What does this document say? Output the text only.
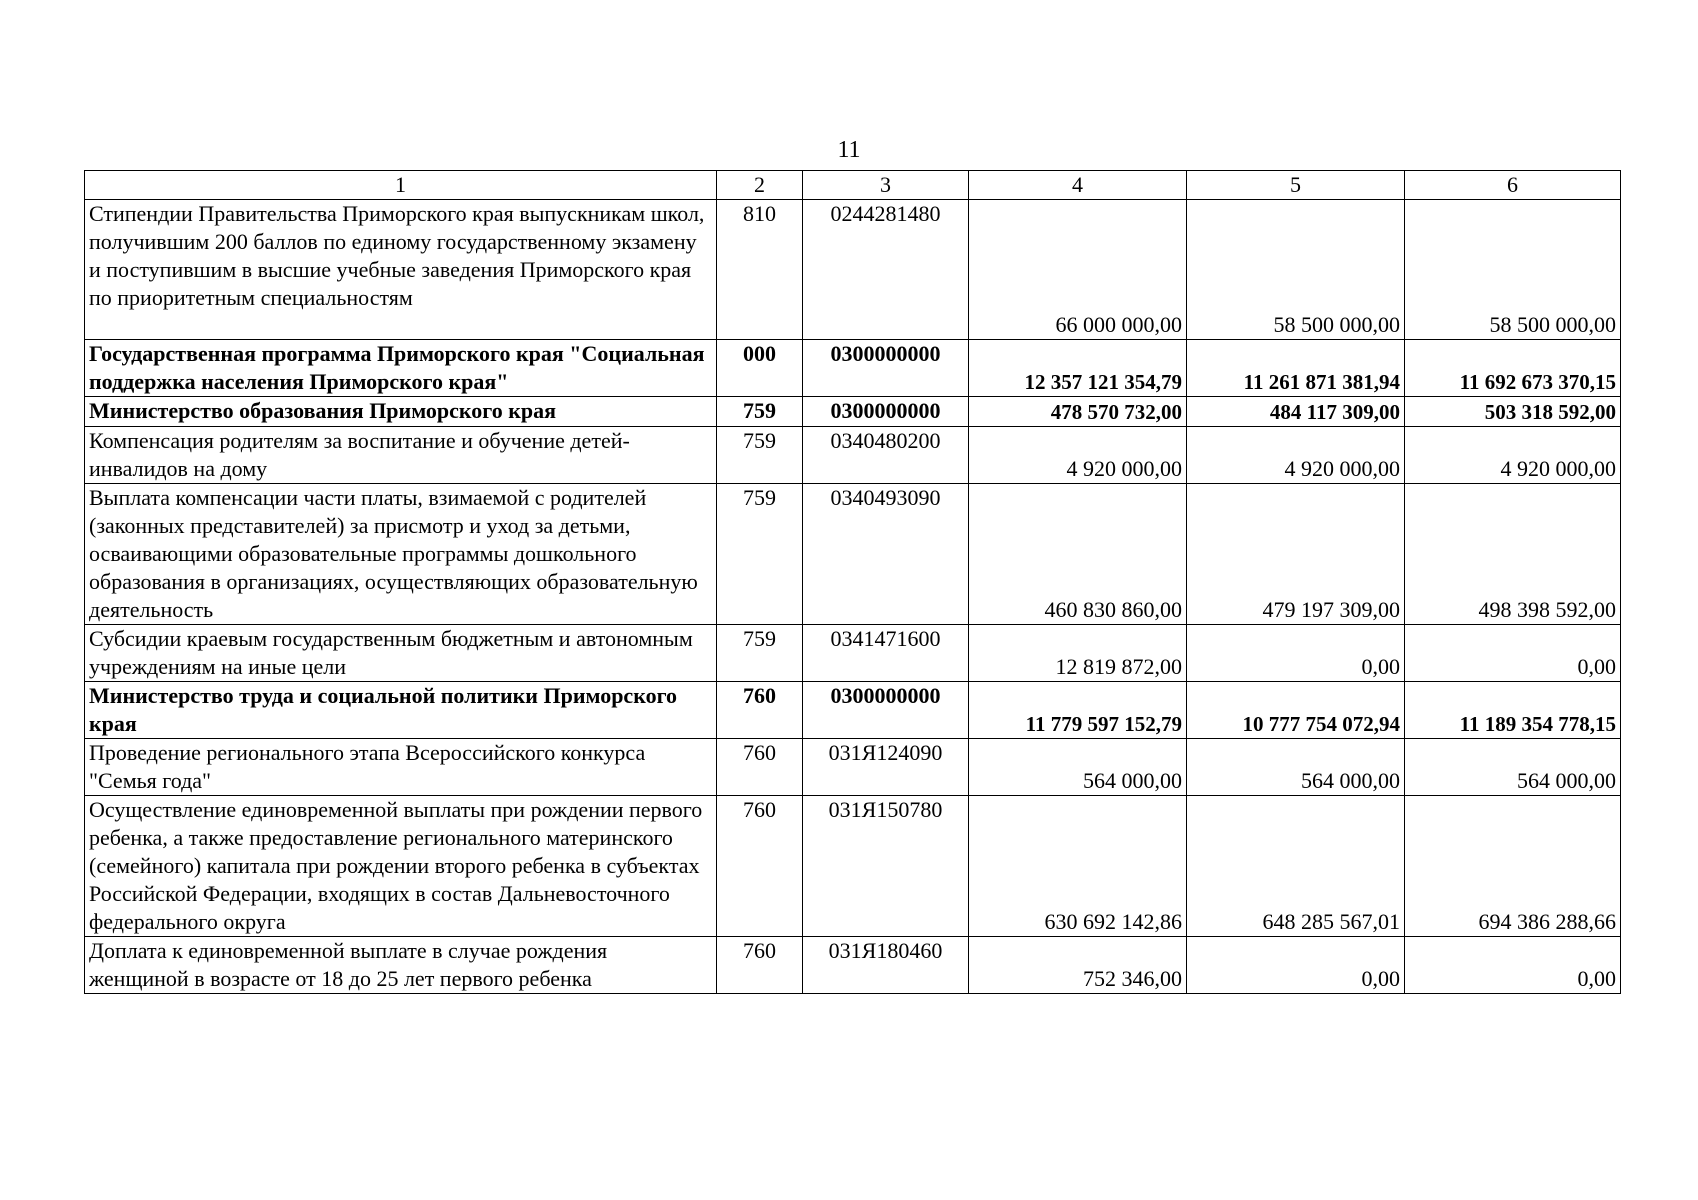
11
1	2	3	4	5	6
Стипендии Правительства Приморского края выпускникам школ, получившим 200 баллов по единому государственному экзамену и поступившим в высшие учебные заведения Приморского края по приоритетным специальностям	810	0244281480	66 000 000,00	58 500 000,00	58 500 000,00
Государственная программа Приморского края "Социальная поддержка населения Приморского края"	000	0300000000	12 357 121 354,79	11 261 871 381,94	11 692 673 370,15
Министерство образования Приморского края	759	0300000000	478 570 732,00	484 117 309,00	503 318 592,00
Компенсация родителям за воспитание и обучение детей-инвалидов на дому	759	0340480200	4 920 000,00	4 920 000,00	4 920 000,00
Выплата компенсации части платы, взимаемой с родителей (законных представителей) за присмотр и уход за детьми, осваивающими образовательные программы дошкольного образования в организациях, осуществляющих образовательную деятельность	759	0340493090	460 830 860,00	479 197 309,00	498 398 592,00
Субсидии краевым государственным бюджетным и автономным учреждениям на иные цели	759	0341471600	12 819 872,00	0,00	0,00
Министерство труда и социальной политики Приморского края	760	0300000000	11 779 597 152,79	10 777 754 072,94	11 189 354 778,15
Проведение регионального этапа Всероссийского конкурса "Семья года"	760	031Я124090	564 000,00	564 000,00	564 000,00
Осуществление единовременной выплаты при рождении первого ребенка, а также предоставление регионального материнского (семейного) капитала при рождении второго ребенка в субъектах Российской Федерации, входящих в состав Дальневосточного федерального округа	760	031Я150780	630 692 142,86	648 285 567,01	694 386 288,66
Доплата к единовременной выплате в случае рождения женщиной в возрасте от 18 до 25 лет первого ребенка	760	031Я180460	752 346,00	0,00	0,00
